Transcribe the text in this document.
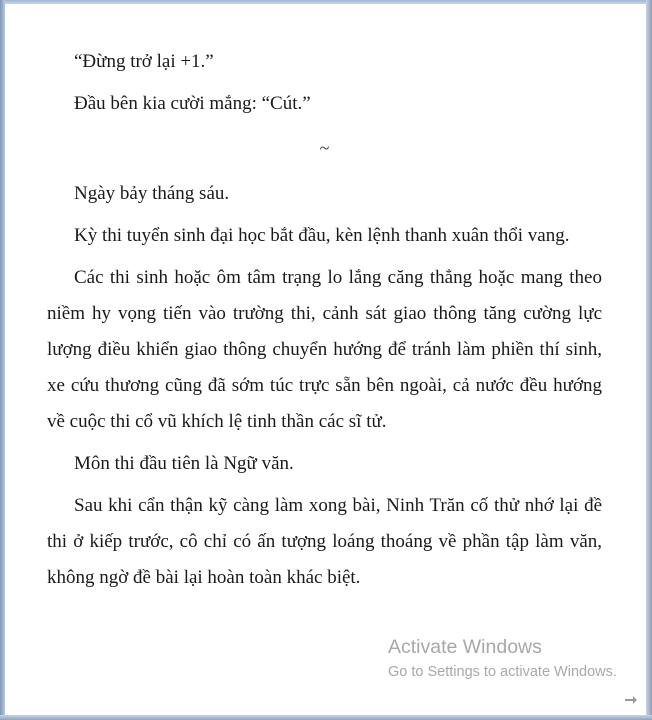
“Đừng trở lại +1.”

Đầu bên kia cười mắng: “Cút.”

~

Ngày bảy tháng sáu.

Kỳ thi tuyển sinh đại học bắt đầu, kèn lệnh thanh xuân thổi vang.

Các thi sinh hoặc ôm tâm trạng lo lắng căng thẳng hoặc mang theo niềm hy vọng tiến vào trường thi, cảnh sát giao thông tăng cường lực lượng điều khiển giao thông chuyển hướng để tránh làm phiền thí sinh, xe cứu thương cũng đã sớm túc trực sẵn bên ngoài, cả nước đều hướng về cuộc thi cổ vũ khích lệ tinh thần các sĩ tử.

Môn thi đầu tiên là Ngữ văn.

Sau khi cẩn thận kỹ càng làm xong bài, Ninh Trăn cố thử nhớ lại đề thi ở kiếp trước, cô chỉ có ấn tượng loáng thoáng về phần tập làm văn, không ngờ đề bài lại hoàn toàn khác biệt.

Activate Windows
Go to Settings to activate Windows.
